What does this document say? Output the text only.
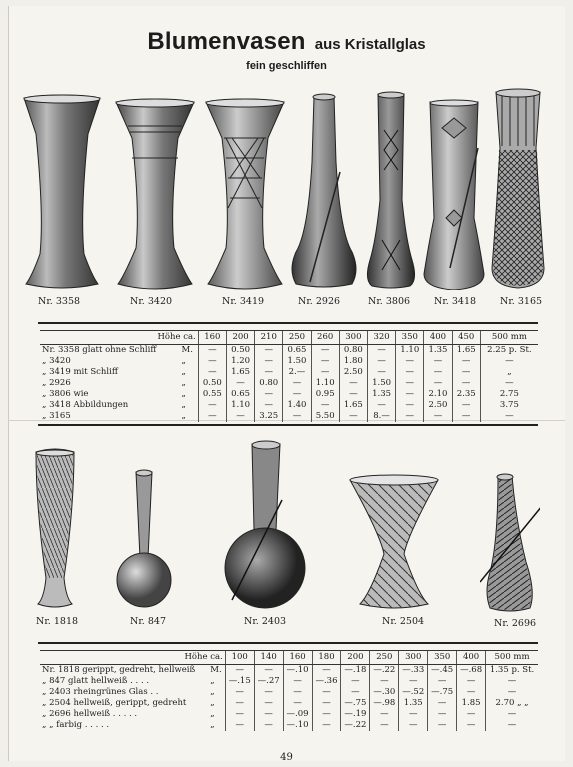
Blumenvasen aus Kristallglas
fein geschliffen
Nr. 3358	Nr. 3420	Nr. 3419	Nr. 2926	Nr. 3806	Nr. 3418	Nr. 3165
Höhe ca.		160	200	210	250	260	300	320	350	400	450	500 mm
Nr. 3358 glatt ohne Schliff	M.	—	0.50	—	0.65	—	0.80	—	1.10	1.35	1.65	2.25 p. St.
„ 3420	„	—	1.20	—	1.50	—	1.80	—	—	—	—	—
„ 3419 mit Schliff	„	—	1.65	—	2.—	—	2.50	—	—	—	—	„
„ 2926	„	0.50	—	0.80	—	1.10	—	1.50	—	—	—	—
„ 3806 wie	„	0.55	0.65	—	—	0.95	—	1.35	—	2.10	2.35	2.75
„ 3418 Abbildungen	„	—	1.10	—	1.40	—	1.65	—	—	2.50	—	3.75
„ 3165	„	—	—	3.25	—	5.50	—	8.—	—	—	—	—
Nr. 1818	Nr. 847	Nr. 2403	Nr. 2504	Nr. 2696
Höhe ca.		100	140	160	180	200	250	300	350	400	500 mm
Nr. 1818 gerippt, gedreht, hellweiß	M.	—	—	—.10	—	—.18	—.22	—.33	—.45	—.68	1.35 p. St.
„ 847 glatt hellweiß . . . .	„	—.15	—.27	—	—.36	—	—	—	—	—	—
„ 2403 rheingrünes Glas . .	„	—	—	—	—	—	—.30	—.52	—.75	—	—
„ 2504 hellweiß, gerippt, gedreht	„	—	—	—	—	—.75	—.98	1.35	—	1.85	2.70 „ „
„ 2696 hellweiß . . . . .	„	—	—	—.09	—	—.19	—	—	—	—	—
„ „ farbig . . . . .	„	—	—	—.10	—	—.22	—	—	—	—	—
49
